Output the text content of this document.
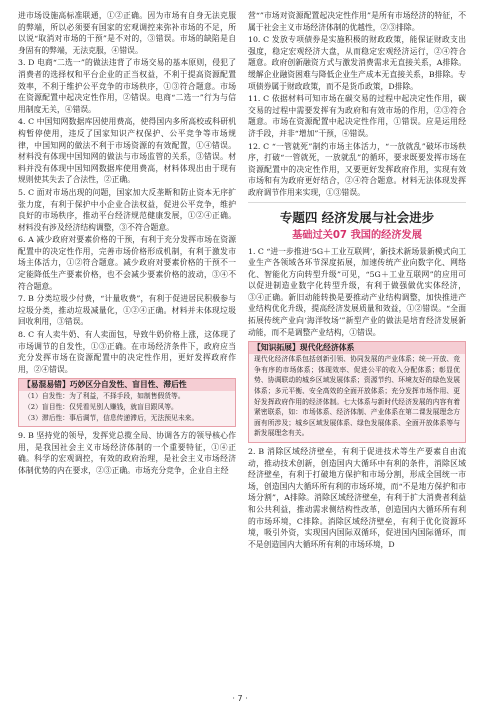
进市场设施高标准联通，①②正确。因为市场有自身无法克服的弊端，所以必须要有国家的宏观调控来弥补市场的不足，所以说“取消对市场的干预”是不对的，③错误。市场的缺陷是自身固有的弊端，无法克服，④错误。

3. D 电商“二选一”的做法违背了市场交易的基本原则，侵犯了消费者的选择权和平台企业的正当权益，不利于提高资源配置效率，不利于维护公平竞争的市场秩序，①③符合题意。市场在资源配置中起决定性作用，②错误。电商“二选一”行为与信用制度无关，④错误。

4. C 中国知网数据库因使用费高，使得国内多所高校或科研机构暂停使用，违反了国家知识产权保护、公平竞争等市场规律，中国知网的做法不利于市场资源的有效配置，①④错误。材料没有体现中国知网的做法与市场监管的关系，③错误。材料并没有体现中国知网数据库使用费高，材料体现出由于现有规则使其失去了合法性，②正确。

5. C 面对市场出现的问题，国家加大反垄断和防止资本无序扩张力度，有利于保护中小企业合法权益，促进公平竞争，维护良好的市场秩序，推动平台经济规范健康发展，①②④正确。材料没有涉及经济结构调整，③不符合题意。

6. A 减少政府对要素价格的干预，有利于充分发挥市场在资源配置中的决定性作用，完善市场价格形成机制，有利于激发市场主体活力，①②符合题意。减少政府对要素价格的干预不一定能降低生产要素价格，也不会减少要素价格的波动，③④不符合题意。

7. B 分类垃圾少付费，“计量收费”，有利于促进居民积极参与垃圾分类，推动垃圾减量化，①②④正确。材料并未体现垃圾回收利用，③错误。

8. C 有人卖牛奶、有人卖面包，导致牛奶价格上涨，这体现了市场调节的自发性，①③正确。在市场经济条件下，政府应当充分发挥市场在资源配置中的决定性作用，更好发挥政府作用，②④错误。

【易混易错】巧妙区分自发性、盲目性、滞后性
（1）自发性：为了利益，不择手段，如制售假货等。
（2）盲目性：仅凭看见别人赚钱，就盲目跟风等。
（3）滞后性：事后调节，信息传递滞后，无法预见未来。

9. B 坚持党的领导，发挥党总揽全局、协调各方的领导核心作用，是我国社会主义市场经济体制的一个重要特征，①④正确。科学的宏观调控，有效的政府治理，是社会主义市场经济体制优势的内在要求，②③正确。市场充分竞争，企业自主经

营“”市场对资源配置起决定性作用”是所有市场经济的特征，不属于社会主义市场经济体制的优越性，②③排除。

10. C 发放专项债券是实施积极的财政政策，能保证财政支出强度，稳定宏观经济大盘，从而稳定宏观经济运行，②④符合题意。政府创新融资方式与激发消费需求无直接关系，A排除。缓解企业融资困难与降低企业生产成本无直接关系，B排除。专项债券属于财政政策，而不是货币政策，D排除。

11. C 依据材料可知市场在碳交易的过程中起决定性作用，碳交易的过程中需要发挥有为政府和有效市场的作用，②③符合题意。市场在资源配置中起决定性作用，①错误。应是运用经济手段，并非“增加”干预，④错误。

12. C “一管就死”制约市场主体活力，“一放就乱”破坏市场秩序，打破“一管就死，一放就乱”的循环，要求既要发挥市场在资源配置中的决定性作用，又要更好发挥政府作用，实现有效市场和有为政府更好结合，②④符合题意。材料无法体现发挥政府调节作用来实现，①③错误。

专题四 经济发展与社会进步
基础过关07 我国的经济发展

1. C “进一步推进‘5G＋工业互联网’，新技术新场景新模式向工业生产各领域各环节深度拓展，加速传统产业向数字化、网络化、智能化方向转型升级”可见，“5G＋工业互联网”的应用可以促进制造业数字化转型升级，有利于做强做优实体经济，③④正确。新旧动能转换是要推动产业结构调整，加快推进产业结构优化升级，提高经济发展质量和效益，①②错误。“全面拓展传统产业向‘海洋牧场’”新型产业的做法是培育经济发展新动能，而不是调整产业结构，①错误。

【知识拓展】现代化经济体系
现代化经济体系包括创新引领、协同发展的产业体系；统一开放、竞争有序的市场体系；体现效率、促进公平的收入分配体系；彰显优势、协调联动的城乡区域发展体系；资源节约、环境友好的绿色发展体系；多元平衡、安全高效的全面开放体系；充分发挥市场作用、更好发挥政府作用的经济体制。七大体系与新时代经济发展的内容有着紧密联系，如：市场体系、经济体制、产业体系在第二课发展理念方面有所涉及；城乡区域发展体系、绿色发展体系、全面开放体系等与新发展理念有关。

2. B 消除区域经济壁垒，有利于促进技术等生产要素自由流动，推动技术创新，创造国内大循环中有利的条件，消除区域经济壁垒，有利于打破地方保护和市场分割，形成全国统一市场，创造国内大循环所有利的市场环境，而“不是地方保护和市场分割”，A排除。消除区域经济壁垒，有利于扩大消费者利益和公共利益，推动需求侧结构性改革，创造国内大循环所有利的市场环境，C排除。消除区域经济壁垒，有利于优化资源环境，吸引外资，实现国内国际双循环，促进国内国际循环，而不是创造国内大循环所有利的市场环境，D

· 7 ·
